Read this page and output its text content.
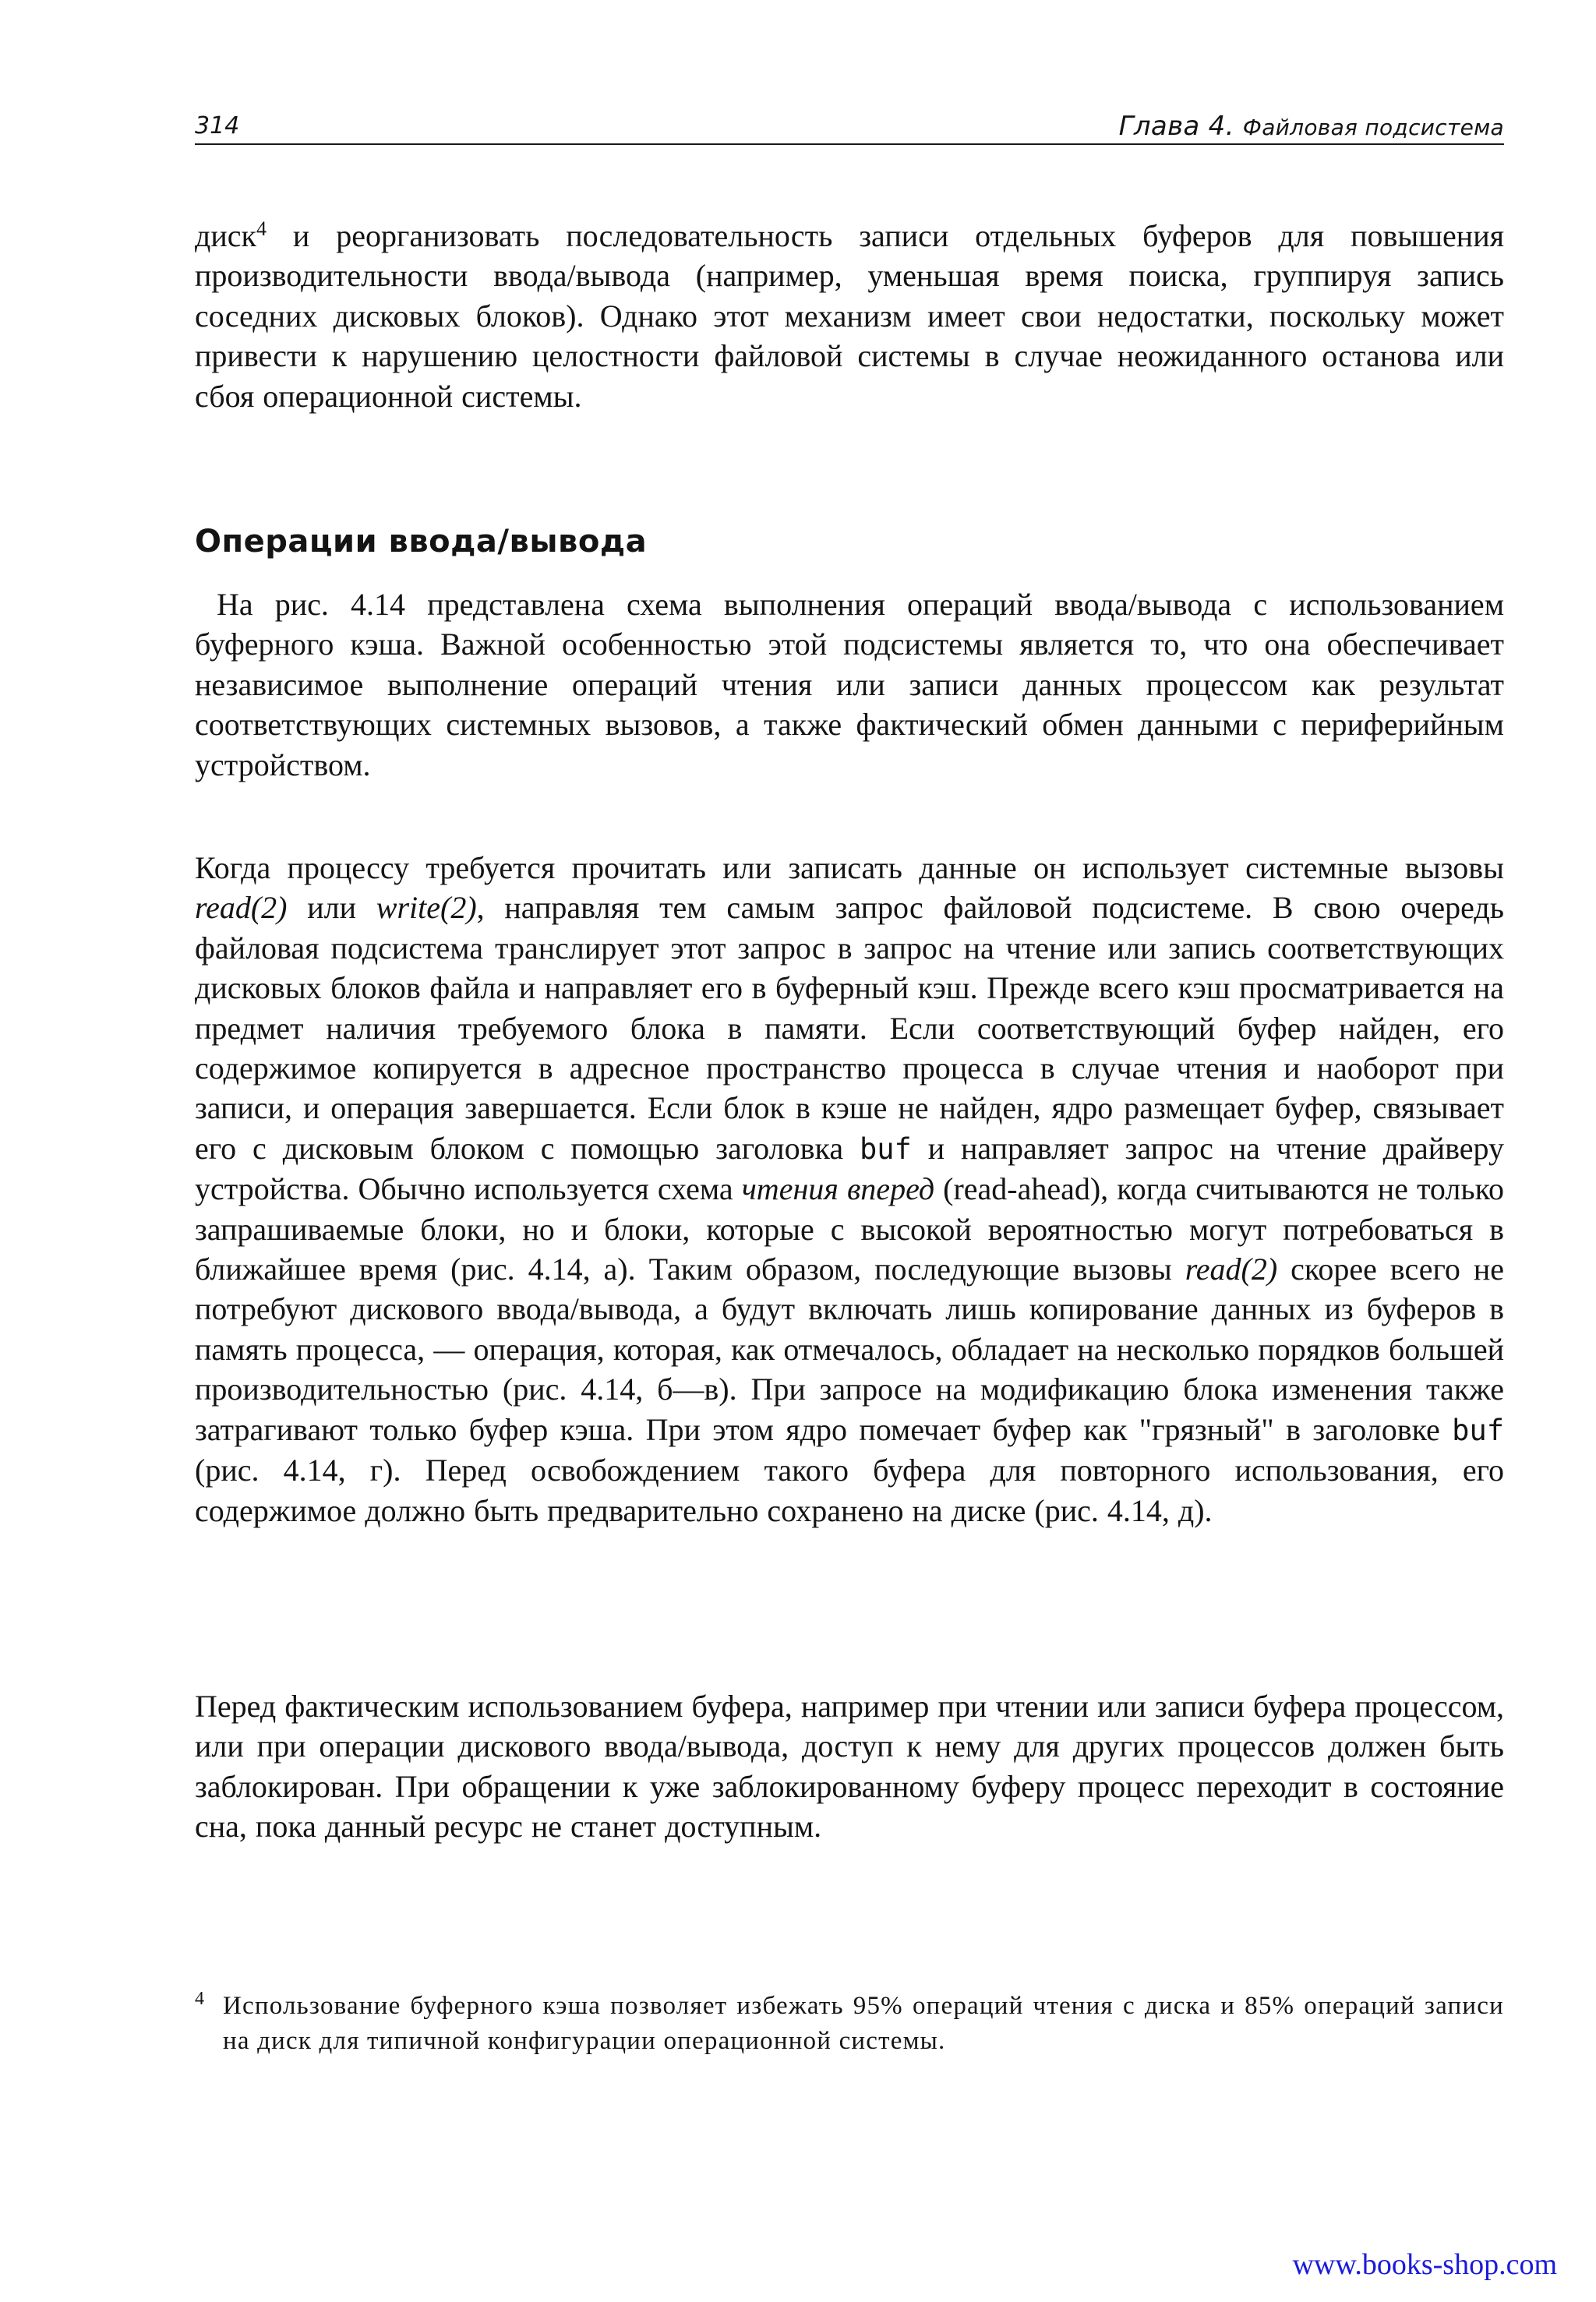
314	Глава 4. Файловая подсистема

диск$^4$ и реорганизовать последовательность записи отдельных буферов для повышения производительности ввода/вывода (например, уменьшая время поиска, группируя запись соседних дисковых блоков). Однако этот механизм имеет свои недостатки, поскольку может привести к нарушению целостности файловой системы в случае неожиданного останова или сбоя операционной системы.

Операции ввода/вывода

На рис. 4.14 представлена схема выполнения операций ввода/вывода с использованием буферного кэша. Важной особенностью этой подсистемы является то, что она обеспечивает независимое выполнение операций чтения или записи данных процессом как результат соответствующих системных вызовов, а также фактический обмен данными с периферийным устройством.

Когда процессу требуется прочитать или записать данные он использует системные вызовы read(2) или write(2), направляя тем самым запрос файловой подсистеме. В свою очередь файловая подсистема транслирует этот запрос в запрос на чтение или запись соответствующих дисковых блоков файла и направляет его в буферный кэш. Прежде всего кэш просматривается на предмет наличия требуемого блока в памяти. Если соответствующий буфер найден, его содержимое копируется в адресное пространство процесса в случае чтения и наоборот при записи, и операция завершается. Если блок в кэше не найден, ядро размещает буфер, связывает его с дисковым блоком с помощью заголовка buf и направляет запрос на чтение драйверу устройства. Обычно используется схема чтения вперед (read-ahead), когда считываются не только запрашиваемые блоки, но и блоки, которые с высокой вероятностью могут потребоваться в ближайшее время (рис. 4.14, а). Таким образом, последующие вызовы read(2) скорее всего не потребуют дискового ввода/вывода, а будут включать лишь копирование данных из буферов в память процесса, — операция, которая, как отмечалось, обладает на несколько порядков большей производительностью (рис. 4.14, б—в). При запросе на модификацию блока изменения также затрагивают только буфер кэша. При этом ядро помечает буфер как "грязный" в заголовке buf (рис. 4.14, г). Перед освобождением такого буфера для повторного использования, его содержимое должно быть предварительно сохранено на диске (рис. 4.14, д).

Перед фактическим использованием буфера, например при чтении или записи буфера процессом, или при операции дискового ввода/вывода, доступ к нему для других процессов должен быть заблокирован. При обращении к уже заблокированному буферу процесс переходит в состояние сна, пока данный ресурс не станет доступным.

$^4$ Использование буферного кэша позволяет избежать 95% операций чтения с диска и 85% операций записи на диск для типичной конфигурации операционной системы.
www.books-shop.com
